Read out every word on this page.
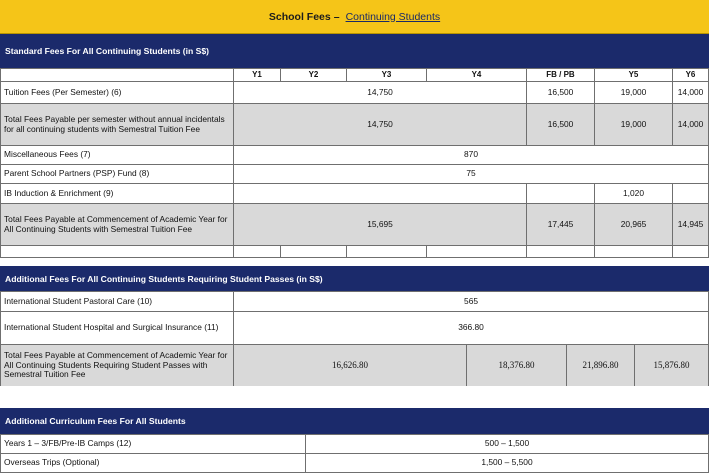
School Fees – Continuing Students
Standard Fees For All Continuing Students (in S$)
	Y1	Y2	Y3	Y4	FB / PB	Y5	Y6
Tuition Fees (Per Semester) (6)	14,750				16,500	19,000	14,000
Total Fees Payable per semester without annual incidentals for all continuing students with Semestral Tuition Fee	14,750				16,500	19,000	14,000
Miscellaneous Fees (7)	870						
Parent School Partners (PSP) Fund (8)	75						
IB Induction & Enrichment (9)						1,020	
Total Fees Payable at Commencement of Academic Year for All Continuing Students with Semestral Tuition Fee	15,695				17,445	20,965	14,945

Additional Fees For All Continuing Students Requiring Student Passes (in S$)
International Student Pastoral Care (10)	565			
International Student Hospital and Surgical Insurance (11)	366.80			
Total Fees Payable at Commencement of Academic Year for All Continuing Students Requiring Student Passes with Semestral Tuition Fee	16,626.80	18,376.80	21,896.80	15,876.80
Additional Curriculum Fees For All Students
Years 1 – 3/FB/Pre-IB Camps (12)	500 – 1,500
Overseas Trips (Optional)	1,500 – 5,500
